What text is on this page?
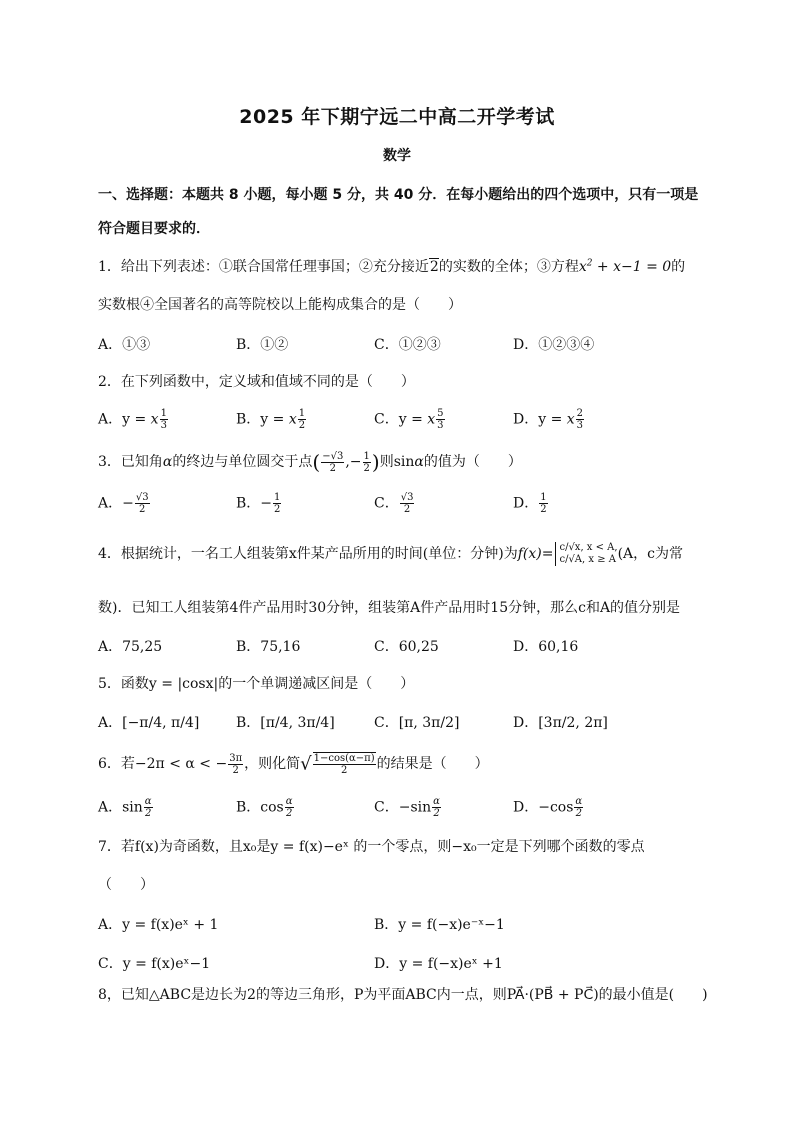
2025 年下期宁远二中高二开学考试
数学
一、选择题：本题共 8 小题，每小题 5 分，共 40 分．在每小题给出的四个选项中，只有一项是符合题目要求的．
1．给出下列表述：①联合国常任理事国；②充分接近2的实数的全体；③方程$x^2 + x-1 = 0$的
实数根④全国著名的高等院校以上能构成集合的是（　　）
A．①③	B．①②	C．①②③	D．①②③④
2．在下列函数中，定义域和值域不同的是（　　）
A．y = x $\frac{1}{3}$	B．y = x $\frac{1}{2}$	C．y = x $\frac{5}{3}$	D．y = x $\frac{2}{3}$
3．已知角α的终边与单位圆交于点( $\frac{-√3}{2}$ ,− $\frac{1}{2}$ )则sinα的值为（　　）
A．− $\frac{√3}{2}$	B．− $\frac{1}{2}$	C． $\frac{√3}{2}$	D． $\frac{1}{2}$
4．根据统计，一名工人组装第x件某产品所用的时间(单位：分钟)为f(x)= c/√x, x < A,
c/√A, x ≥ A (A，c为常
数)．已知工人组装第4件产品用时30分钟，组装第A件产品用时15分钟，那么c和A的值分别是
A．75,25	B．75,16	C．60,25	D．60,16
5．函数y = |cosx|的一个单调递减区间是（　　）
A．[−π/4, π/4]	B．[π/4, 3π/4]	C．[π, 3π/2]	D．[3π/2, 2π]
6．若−2π < α < − $\frac{3\pi}{2}$ ，则化简√ $\frac{1-\cos(\alpha-\pi)}{2}$ 的结果是（　　）
A．$\sin \frac{\alpha}{2}$	B．$\cos \frac{\alpha}{2}$	C．$-\sin \frac{\alpha}{2}$	D．$-\cos \frac{\alpha}{2}$
7．若f(x)为奇函数，且x₀是y = f(x)−eˣ 的一个零点，则−x₀一定是下列哪个函数的零点
（　　）
A．y = f(x)eˣ + 1	B．y = f(−x)e⁻ˣ−1
C．y = f(x)eˣ−1	D．y = f(−x)eˣ +1
8，已知△ABC是边长为2的等边三角形，P为平面ABC内一点，则PA⃗·(PB⃗ + PC⃗)的最小值是(　　)
